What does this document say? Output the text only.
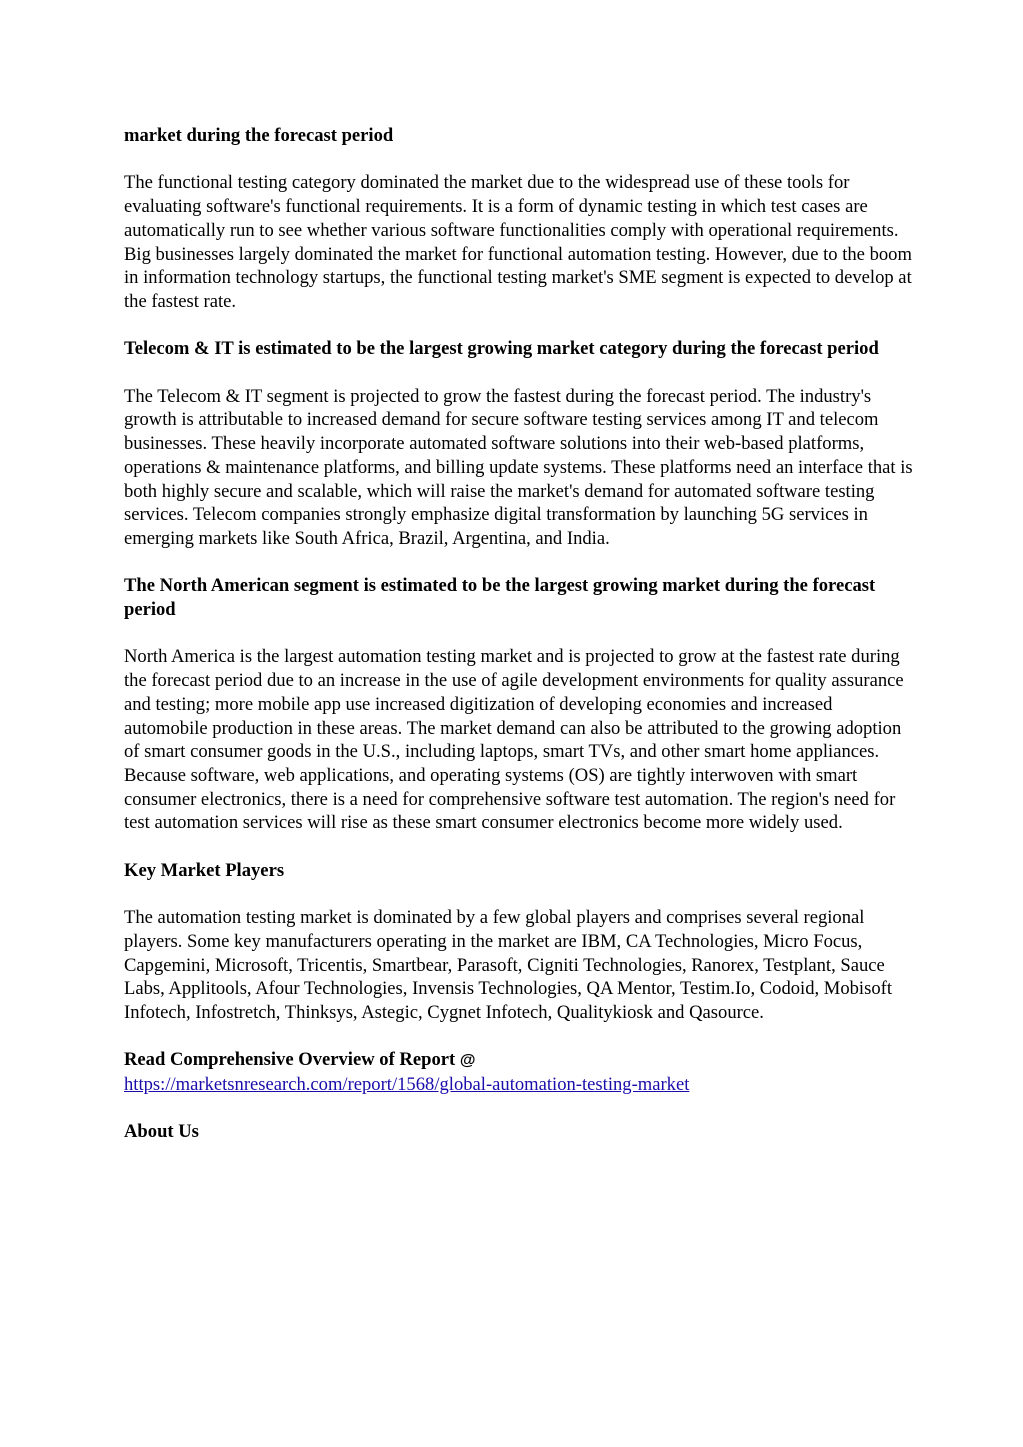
market during the forecast period

The functional testing category dominated the market due to the widespread use of these tools for evaluating software's functional requirements. It is a form of dynamic testing in which test cases are automatically run to see whether various software functionalities comply with operational requirements. Big businesses largely dominated the market for functional automation testing. However, due to the boom in information technology startups, the functional testing market's SME segment is expected to develop at the fastest rate.

Telecom & IT is estimated to be the largest growing market category during the forecast period

The Telecom & IT segment is projected to grow the fastest during the forecast period. The industry's growth is attributable to increased demand for secure software testing services among IT and telecom businesses. These heavily incorporate automated software solutions into their web-based platforms, operations & maintenance platforms, and billing update systems. These platforms need an interface that is both highly secure and scalable, which will raise the market's demand for automated software testing services. Telecom companies strongly emphasize digital transformation by launching 5G services in emerging markets like South Africa, Brazil, Argentina, and India.

The North American segment is estimated to be the largest growing market during the forecast period

North America is the largest automation testing market and is projected to grow at the fastest rate during the forecast period due to an increase in the use of agile development environments for quality assurance and testing; more mobile app use increased digitization of developing economies and increased automobile production in these areas. The market demand can also be attributed to the growing adoption of smart consumer goods in the U.S., including laptops, smart TVs, and other smart home appliances. Because software, web applications, and operating systems (OS) are tightly interwoven with smart consumer electronics, there is a need for comprehensive software test automation. The region's need for test automation services will rise as these smart consumer electronics become more widely used.

Key Market Players

The automation testing market is dominated by a few global players and comprises several regional players. Some key manufacturers operating in the market are IBM, CA Technologies, Micro Focus, Capgemini, Microsoft, Tricentis, Smartbear, Parasoft, Cigniti Technologies, Ranorex, Testplant, Sauce Labs, Applitools, Afour Technologies, Invensis Technologies, QA Mentor, Testim.Io, Codoid, Mobisoft Infotech, Infostretch, Thinksys, Astegic, Cygnet Infotech, Qualitykiosk and Qasource.

Read Comprehensive Overview of Report @

https://marketsnresearch.com/report/1568/global-automation-testing-market

About Us
